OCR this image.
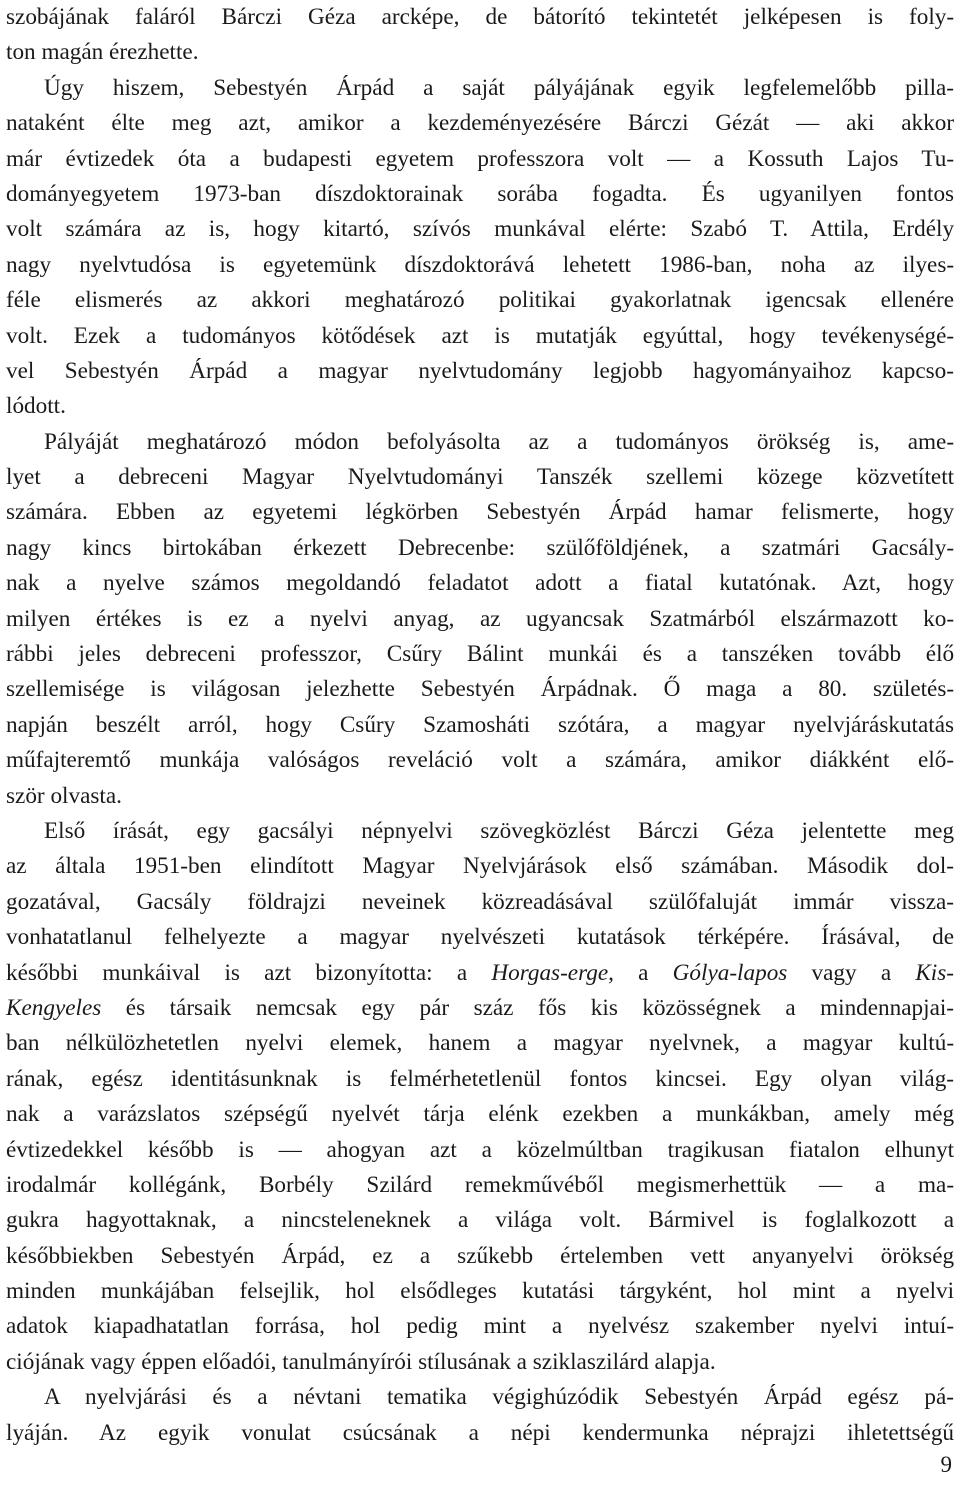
szobájának faláról Bárczi Géza arcképe, de bátorító tekintetét jelképesen is foly-
ton magán érezhette.
Úgy hiszem, Sebestyén Árpád a saját pályájának egyik legfelemelőbb pilla-
nataként élte meg azt, amikor a kezdeményezésére Bárczi Gézát — aki akkor
már évtizedek óta a budapesti egyetem professzora volt — a Kossuth Lajos Tu-
dományegyetem 1973-ban díszdoktorainak sorába fogadta. És ugyanilyen fontos
volt számára az is, hogy kitartó, szívós munkával elérte: Szabó T. Attila, Erdély
nagy nyelvtudósa is egyetemünk díszdoktorává lehetett 1986-ban, noha az ilyes-
féle elismerés az akkori meghatározó politikai gyakorlatnak igencsak ellenére
volt. Ezek a tudományos kötődések azt is mutatják egyúttal, hogy tevékenységé-
vel Sebestyén Árpád a magyar nyelvtudomány legjobb hagyományaihoz kapcso-
lódott.
Pályáját meghatározó módon befolyásolta az a tudományos örökség is, ame-
lyet a debreceni Magyar Nyelvtudományi Tanszék szellemi közege közvetített
számára. Ebben az egyetemi légkörben Sebestyén Árpád hamar felismerte, hogy
nagy kincs birtokában érkezett Debrecenbe: szülőföldjének, a szatmári Gacsály-
nak a nyelve számos megoldandó feladatot adott a fiatal kutatónak. Azt, hogy
milyen értékes is ez a nyelvi anyag, az ugyancsak Szatmárból elszármazott ko-
rábbi jeles debreceni professzor, Csűry Bálint munkái és a tanszéken tovább élő
szellemisége is világosan jelezhette Sebestyén Árpádnak. Ő maga a 80. születés-
napján beszélt arról, hogy Csűry Szamosháti szótára, a magyar nyelvjáráskutatás
műfajteremtő munkája valóságos reveláció volt a számára, amikor diákként elő-
ször olvasta.
Első írását, egy gacsályi népnyelvi szövegközlést Bárczi Géza jelentette meg
az általa 1951-ben elindított Magyar Nyelvjárások első számában. Második dol-
gozatával, Gacsály földrajzi neveinek közreadásával szülőfaluját immár vissza-
vonhatatlanul felhelyezte a magyar nyelvészeti kutatások térképére. Írásával, de
későbbi munkáival is azt bizonyította: a Horgas-erge, a Gólya-lapos vagy a Kis-
Kengyeles és társaik nemcsak egy pár száz fős kis közösségnek a mindennapjai-
ban nélkülözhetetlen nyelvi elemek, hanem a magyar nyelvnek, a magyar kultú-
rának, egész identitásunknak is felmérhetetlenül fontos kincsei. Egy olyan világ-
nak a varázslatos szépségű nyelvét tárja elénk ezekben a munkákban, amely még
évtizedekkel később is — ahogyan azt a közelmúltban tragikusan fiatalon elhunyt
irodalmár kollégánk, Borbély Szilárd remekművéből megismerhettük — a ma-
gukra hagyottaknak, a nincsteleneknek a világa volt. Bármivel is foglalkozott a
későbbiekben Sebestyén Árpád, ez a szűkebb értelemben vett anyanyelvi örökség
minden munkájában felsejlik, hol elsődleges kutatási tárgyként, hol mint a nyelvi
adatok kiapadhatatlan forrása, hol pedig mint a nyelvész szakember nyelvi intuí-
ciójának vagy éppen előadói, tanulmányírói stílusának a sziklaszilárd alapja.
A nyelvjárási és a névtani tematika végighúzódik Sebestyén Árpád egész pá-
lyáján. Az egyik vonulat csúcsának a népi kendermunka néprajzi ihletettségű
9
